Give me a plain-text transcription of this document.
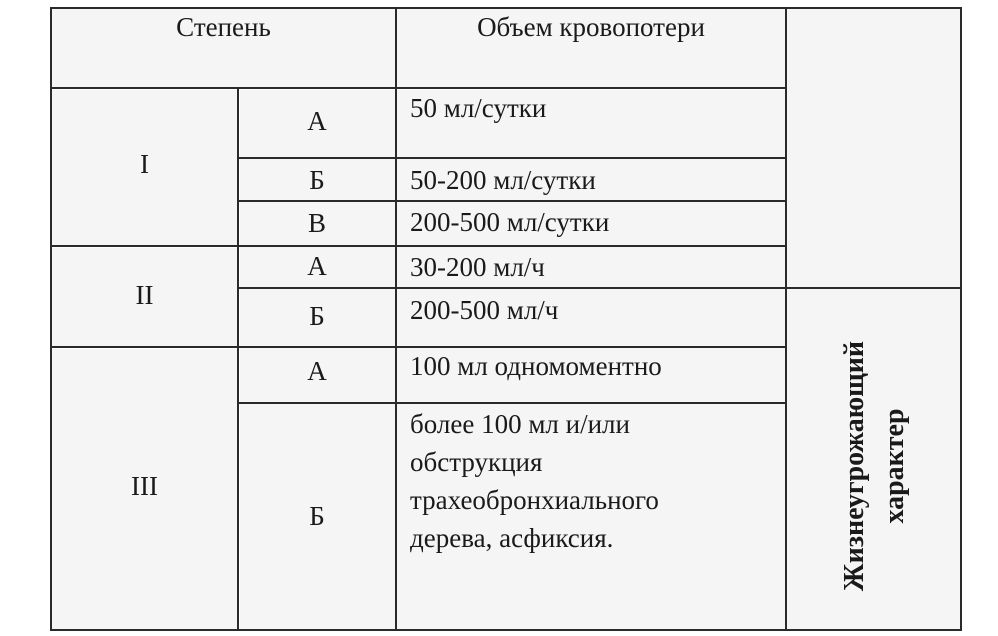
Степень	Объем кровопотери
I
II
III
А
Б
В
А
Б
А
Б
50 мл/сутки
50-200 мл/сутки
200-500 мл/сутки
30-200 мл/ч
200-500 мл/ч
100 мл одномоментно
более 100 мл и/или
обструкция
трахеобронхиального
дерева, асфиксия.	Жизнеугрожающий характер
